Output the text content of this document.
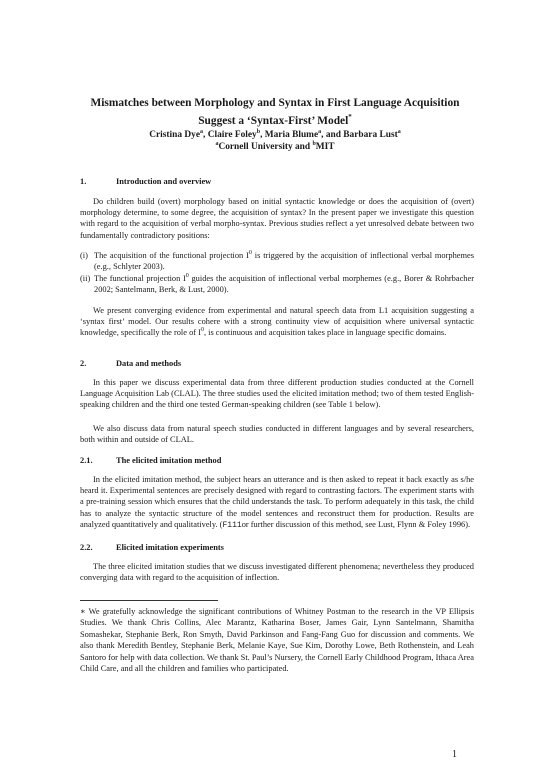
Mismatches between Morphology and Syntax in First Language Acquisition
Suggest a ‘Syntax-First’ Model*
Cristina Dye$^a$, Claire Foley$^b$, Maria Blume$^a$, and Barbara Lust$^a$
$^a$Cornell University and $^b$MIT
1.	Introduction and overview
Do children build (overt) morphology based on initial syntactic knowledge or does the acquisition of (overt) morphology determine, to some degree, the acquisition of syntax? In the present paper we investigate this question with regard to the acquisition of verbal morpho-syntax. Previous studies reflect a yet unresolved debate between two fundamentally contradictory positions:
(i) The acquisition of the functional projection $I^0$ is triggered by the acquisition of inflectional verbal morphemes (e.g., Schlyter 2003).
(ii) The functional projection $I^0$ guides the acquisition of inflectional verbal morphemes (e.g., Borer & Rohrbacher 2002; Santelmann, Berk, & Lust, 2000).
We present converging evidence from experimental and natural speech data from L1 acquisition suggesting a ‘syntax first’ model. Our results cohere with a strong continuity view of acquisition where universal syntactic knowledge, specifically the role of $I^0$, is continuous and acquisition takes place in language specific domains.
2.	Data and methods
In this paper we discuss experimental data from three different production studies conducted at the Cornell Language Acquisition Lab (CLAL). The three studies used the elicited imitation method; two of them tested English-speaking children and the third one tested German-speaking children (see Table 1 below).
We also discuss data from natural speech studies conducted in different languages and by several researchers, both within and outside of CLAL.
2.1.	The elicited imitation method
In the elicited imitation method, the subject hears an utterance and is then asked to repeat it back exactly as s/he heard it. Experimental sentences are precisely designed with regard to contrasting factors. The experiment starts with a pre-training session which ensures that the child understands the task. To perform adequately in this task, the child has to analyze the syntactic structure of the model sentences and reconstruct them for production. Results are analyzed quantitatively and qualitatively. (F111or further discussion of this method, see Lust, Flynn & Foley 1996).
2.2.	Elicited imitation experiments
The three elicited imitation studies that we discuss investigated different phenomena; nevertheless they produced converging data with regard to the acquisition of inflection.
∗ We gratefully acknowledge the significant contributions of Whitney Postman to the research in the VP Ellipsis Studies. We thank Chris Collins, Alec Marantz, Katharina Boser, James Gair, Lynn Santelmann, Shamitha Somashekar, Stephanie Berk, Ron Smyth, David Parkinson and Fang-Fang Guo for discussion and comments. We also thank Meredith Bentley, Stephanie Berk, Melanie Kaye, Sue Kim, Dorothy Lowe, Beth Rothenstein, and Leah Santoro for help with data collection. We thank St. Paul’s Nursery, the Cornell Early Childhood Program, Ithaca Area Child Care, and all the children and families who participated.
1
